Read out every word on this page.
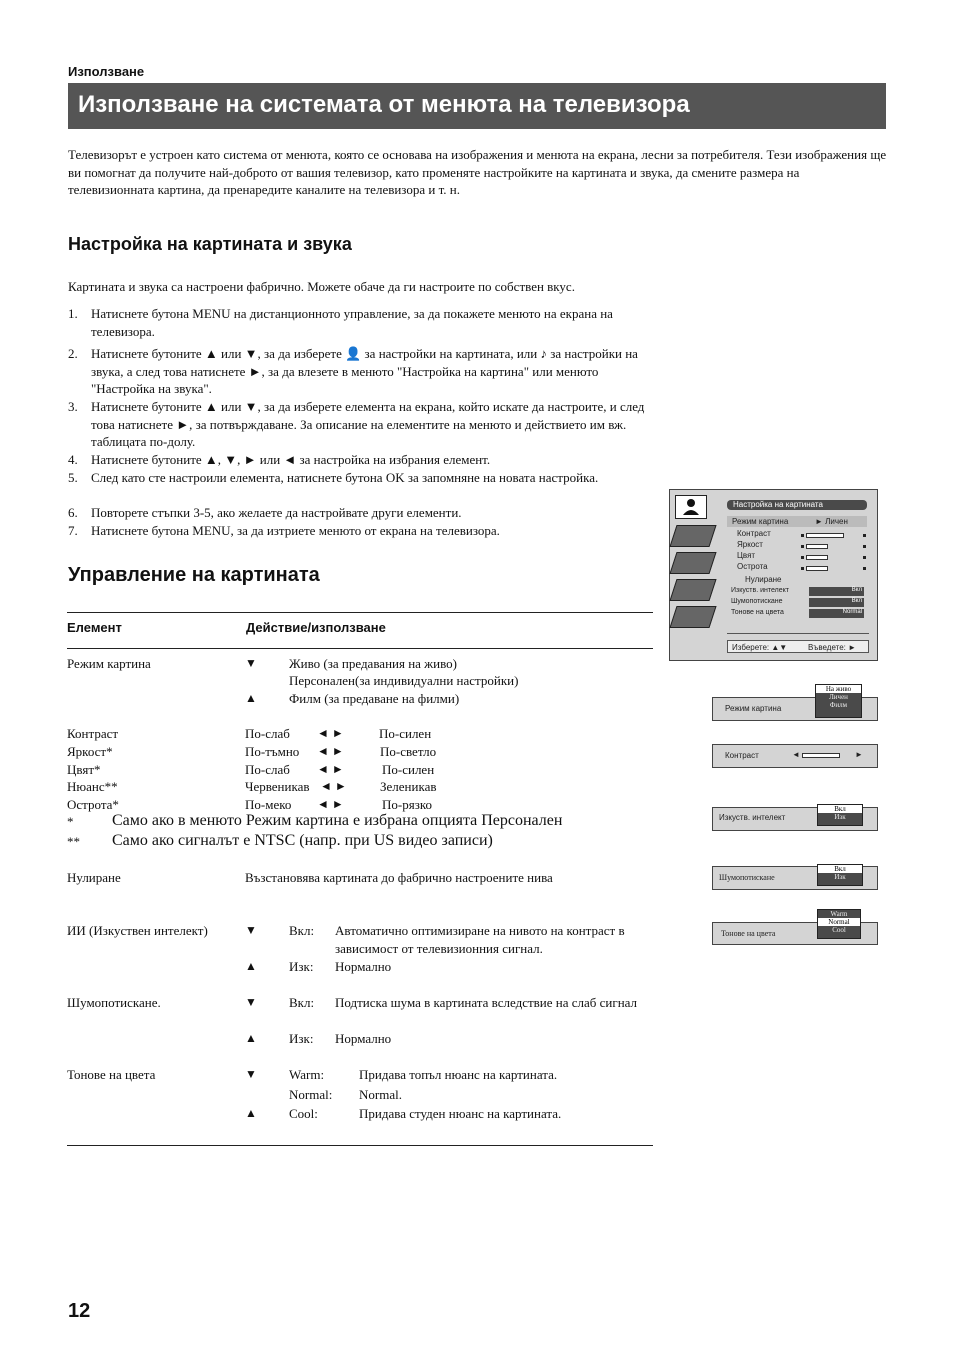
Използване
Използване на системата от менюта на телевизора
Телевизорът е устроен като система от менюта, която се основава на изображения и менюта на екрана, лесни за потребителя. Тези изображения ще ви помогнат да получите най-доброто от вашия телевизор, като променяте настройките на картината и звука, да смените размера на телевизионната картина, да пренаредите каналите на телевизора и т. н.
Настройка на картината и звука
Картината и звука са настроени фабрично. Можете обаче да ги настроите по собствен вкус.
1. Натиснете бутона MENU на дистанционното управление, за да покажете менюто на екрана на телевизора.
2. Натиснете бутоните ▲ или ▼, за да изберете 👤 за настройки на картината, или ♪ за настройки на звука, а след това натиснете ►, за да влезете в менюто "Настройка на картина" или менюто "Настройка на звука".
3. Натиснете бутоните ▲ или ▼, за да изберете елемента на екрана, който искате да настроите, и след това натиснете ►, за потвърждаване. За описание на елементите на менюто и действието им вж. таблицата по-долу.
4. Натиснете бутоните ▲, ▼, ► или ◄ за настройка на избрания елемент.
5. След като сте настроили елемента, натиснете бутона OK за запомняне на новата настройка.
6. Повторете стъпки 3-5, ако желаете да настройвате други елементи.
7. Натиснете бутона MENU, за да изтриете менюто от екрана на телевизора.
Управление на картината
Елемент	Действие/използване
Режим картина	▼ Живо (за предавания на живо)
Персонален(за индивидуални настройки)
▲ Филм (за предаване на филми)
Контраст	По-слаб ◄ ►	По-силен
Яркост*	По-тъмно ◄ ►	По-светло
Цвят*	По-слаб ◄ ►	По-силен
Нюанс**	Червеникав ◄ ►	Зеленикав
Острота*	По-меко ◄ ►	По-рязко
* Само ако в менюто Режим картина е избрана опцията Персонален
** Само ако сигналът е NTSC (напр. при US видео записи)
Нулиране	Възстановява картината до фабрично настроените нива
ИИ (Изкуствен интелект)	▼ Вкл: Автоматично оптимизиране на нивото на контраст в зависимост от телевизионния сигнал.
▲ Изк: Нормално
Шумопотискане.	▼ Вкл: Подтиска шума в картината вследствие на слаб сигнал
▲ Изк: Нормално
Тонове на цвета	▼ Warm:	Придава топъл нюанс на картината.
Normal: Normal.
▲ Cool:	Придава студен нюанс на картината.
Настройка на картината
Режим картина	► Личен
Контраст
Яркост
Цвят
Острота
Нулиране
Изкуств. интелект	Вкл
Шумопотискане	Вкл
Тонове на цвета	Normal
Изберете: ▲▼	Въведете: ►
Режим картина
На живо
Личен
Филм
Контраст	◄	►
Изкуств. интелект
Вкл
Изк
Шумопотискане
Вкл
Изк
Тонове на цвета
Warm
Normal
Cool
12
